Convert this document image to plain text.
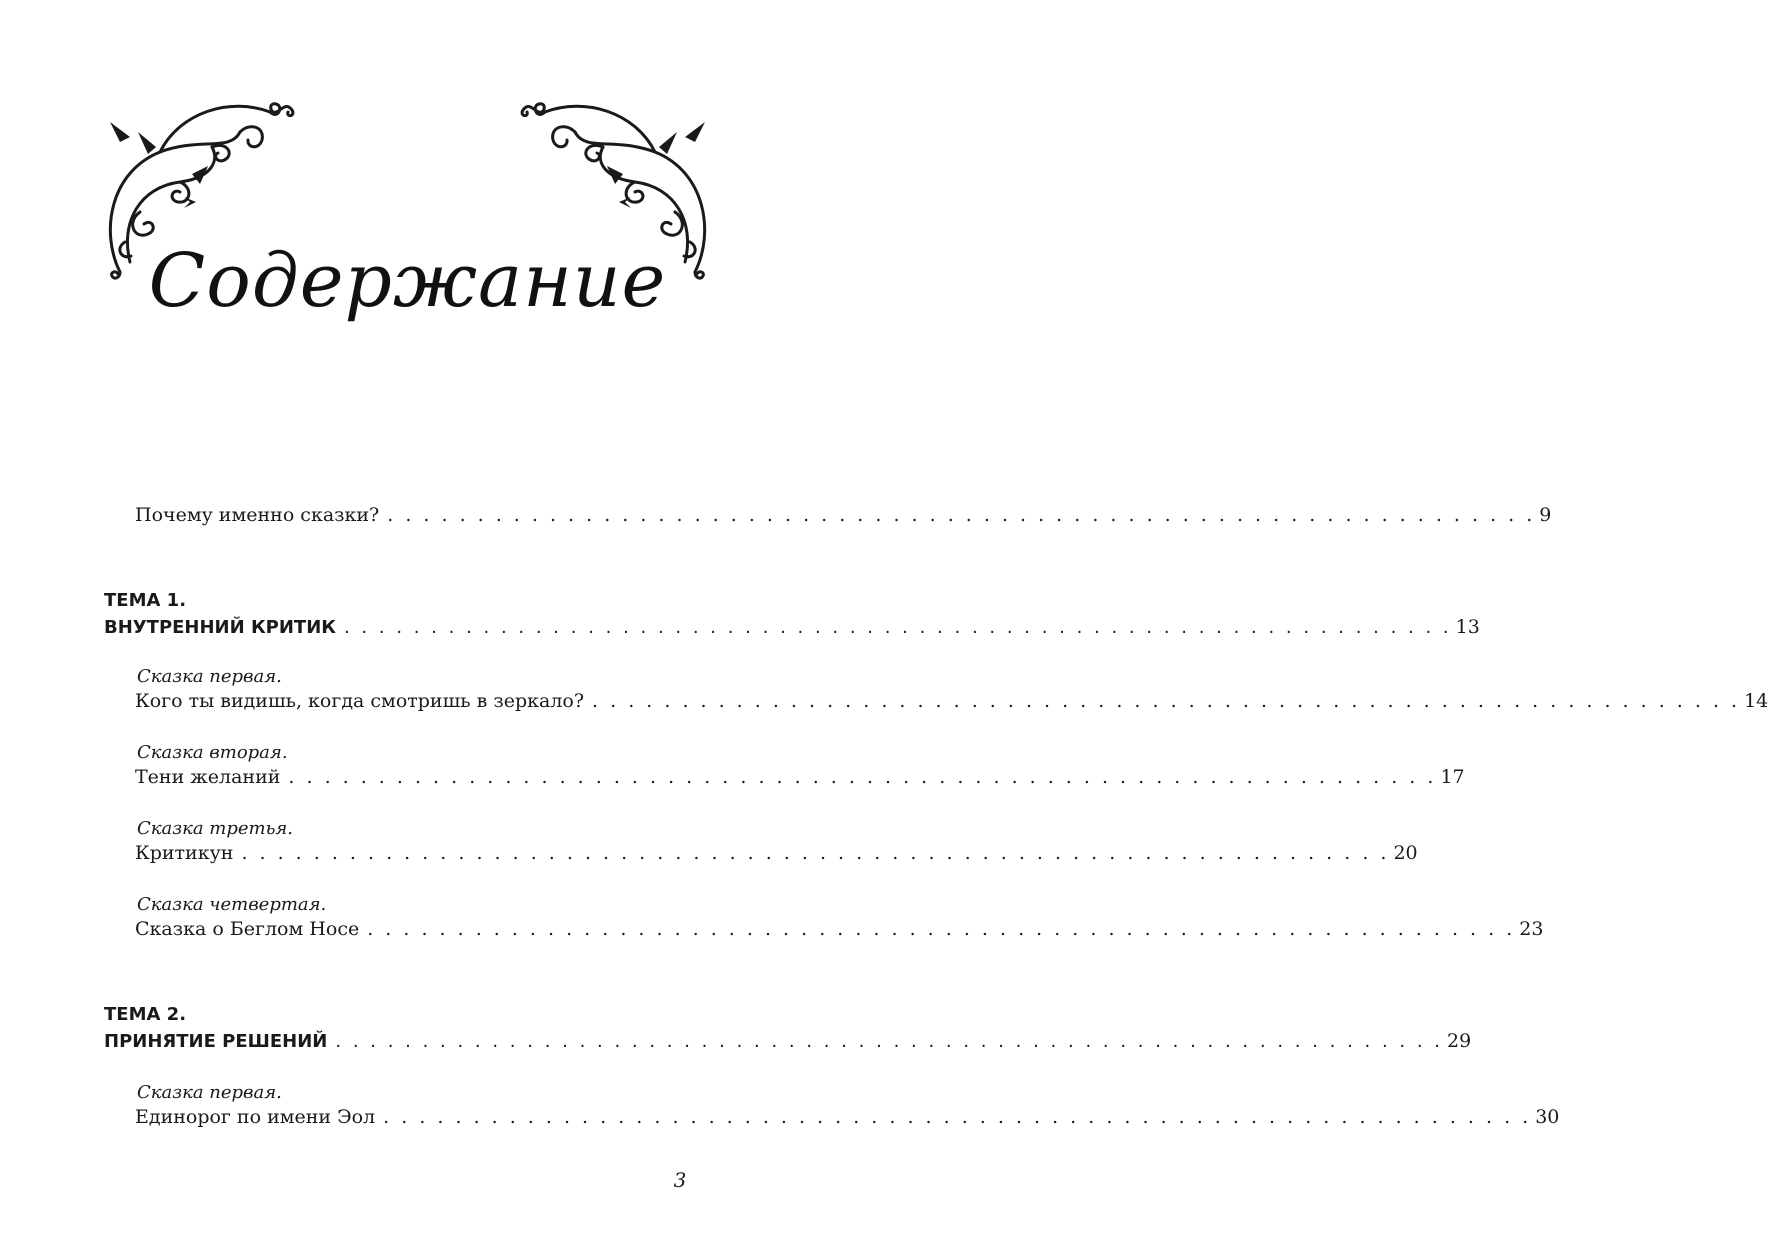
Содержание
Почему именно сказки? . . . . . . . . . . . . . . . . . . . . . . . . . . . . . . . . . . . . . . . . . . . . . . . . . . . . . . . . . . . . . . . . 9
ТЕМА 1.
ВНУТРЕННИЙ КРИТИК . . . . . . . . . . . . . . . . . . . . . . . . . . . . . . . . . . . . . . . . . . . . . . . . . . . . . . . . . . . . . . . . 13
Сказка первая.
Кого ты видишь, когда смотришь в зеркало? . . . . . . . . . . . . . . . . . . . . . . . . . . . . . . . . . . . . . . . . . . . . . . . . . . . . . . . . . . . . . . . . 14
Сказка вторая.
Тени желаний . . . . . . . . . . . . . . . . . . . . . . . . . . . . . . . . . . . . . . . . . . . . . . . . . . . . . . . . . . . . . . . . 17
Сказка третья.
Критикун . . . . . . . . . . . . . . . . . . . . . . . . . . . . . . . . . . . . . . . . . . . . . . . . . . . . . . . . . . . . . . . . 20
Сказка четвертая.
Сказка о Беглом Носе . . . . . . . . . . . . . . . . . . . . . . . . . . . . . . . . . . . . . . . . . . . . . . . . . . . . . . . . . . . . . . . . 23
ТЕМА 2.
ПРИНЯТИЕ РЕШЕНИЙ . . . . . . . . . . . . . . . . . . . . . . . . . . . . . . . . . . . . . . . . . . . . . . . . . . . . . . . . . . . . . . . . 29
Сказка первая.
Единорог по имени Эол . . . . . . . . . . . . . . . . . . . . . . . . . . . . . . . . . . . . . . . . . . . . . . . . . . . . . . . . . . . . . . . . 30
3
